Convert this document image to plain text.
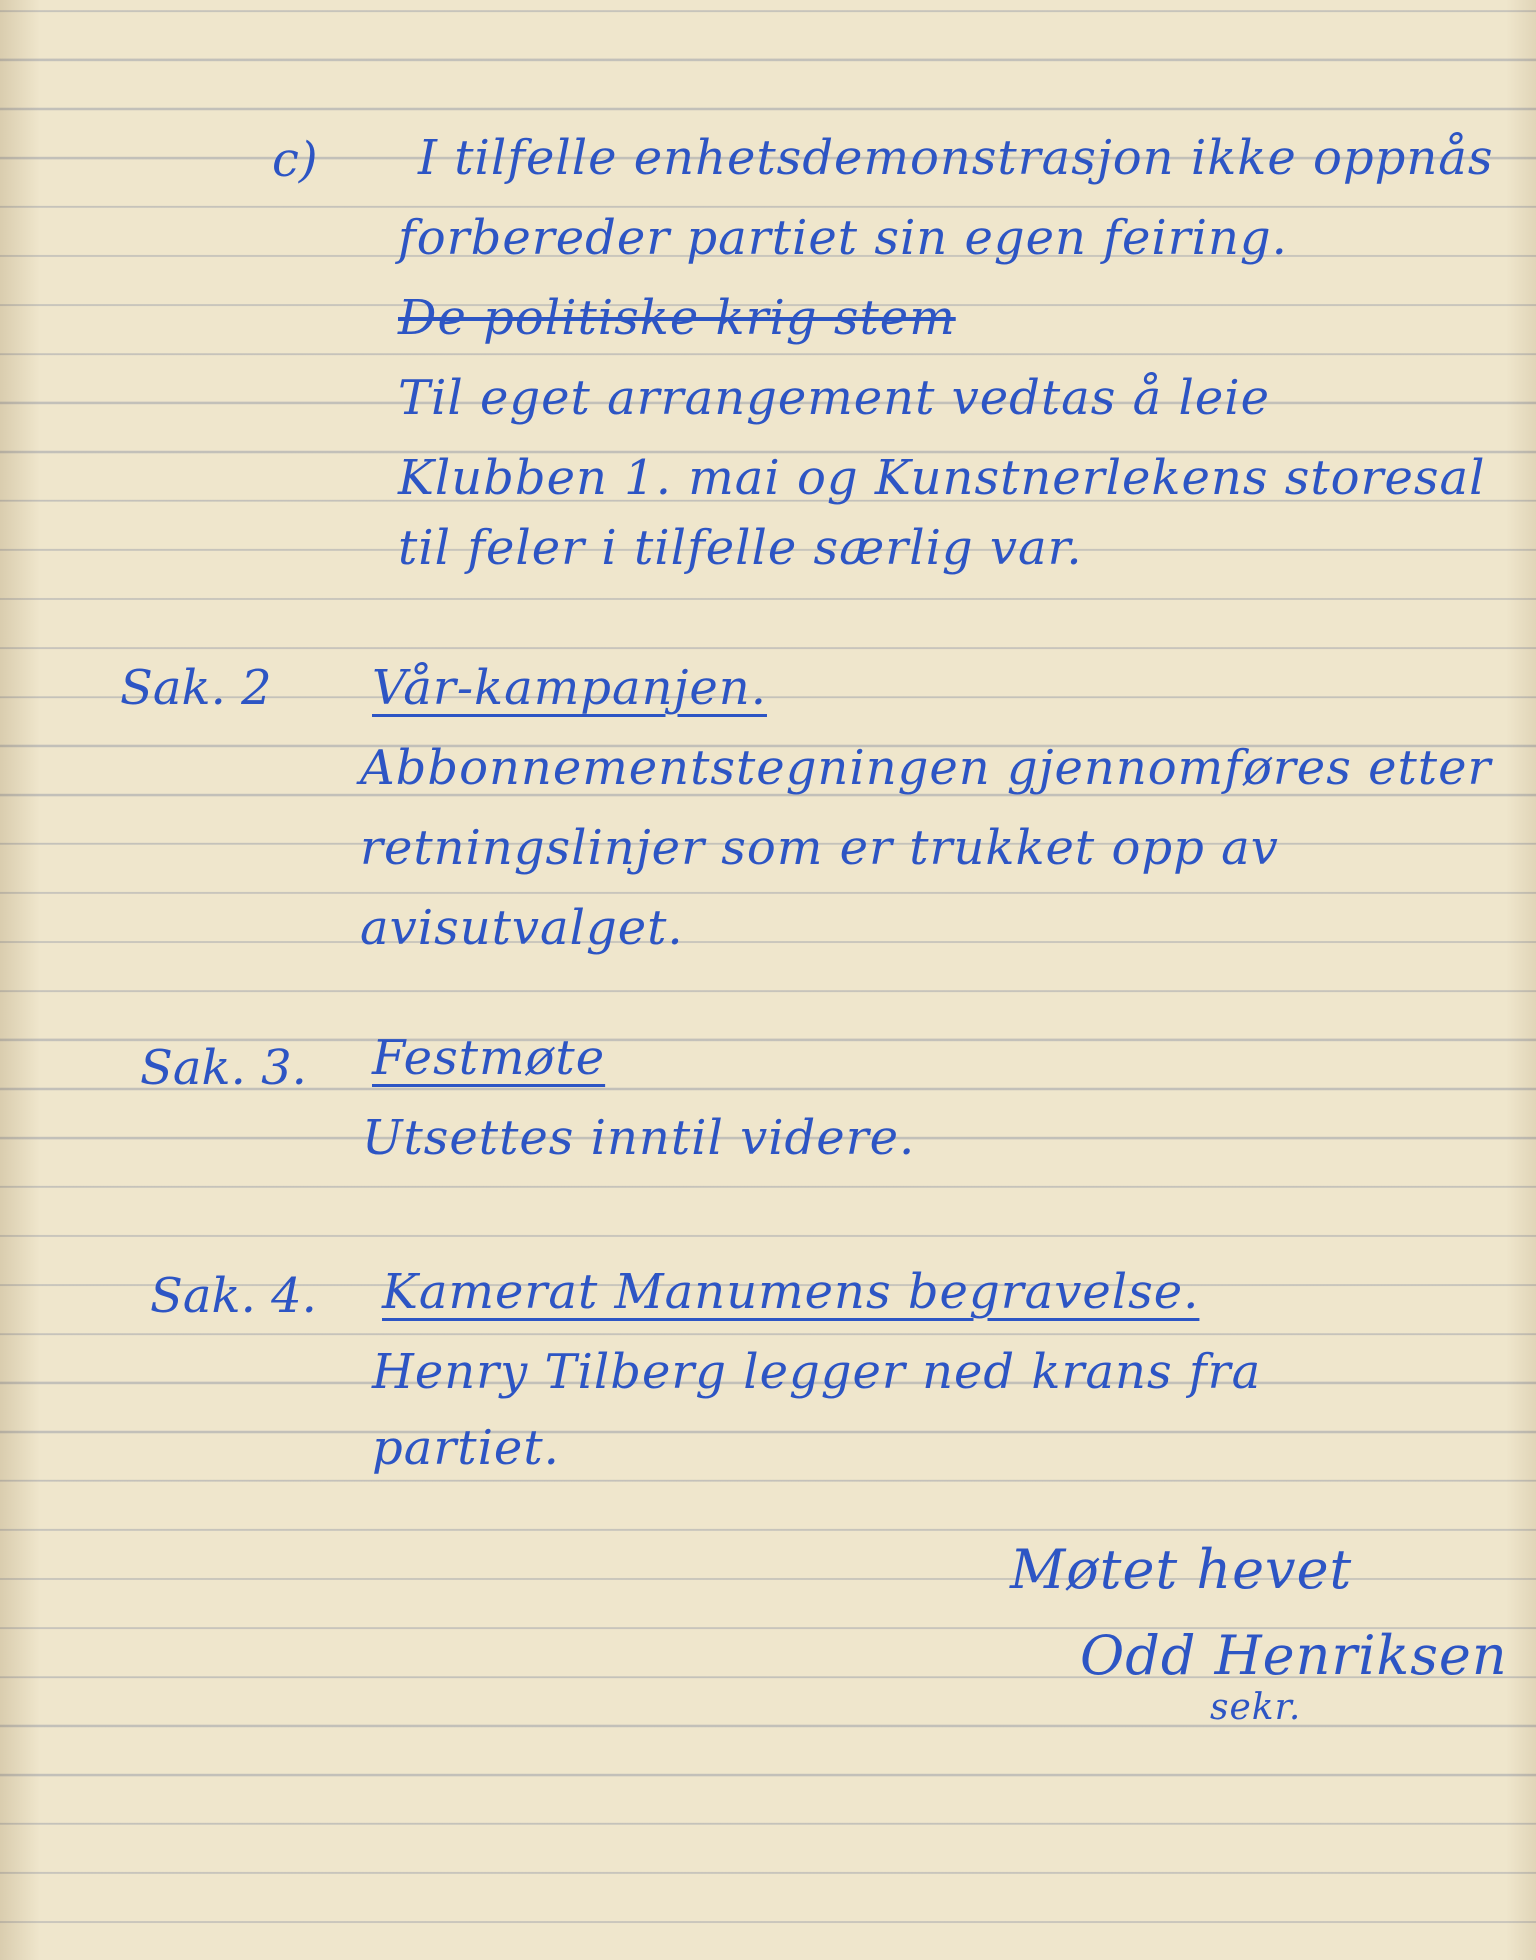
c) I tilfelle enhetsdemonstrasjon ikke oppnås
forbereder partiet sin egen feiring.
De politiske krig stem
Til eget arrangement vedtas å leie
Klubben 1. mai og Kunstnerlekens storesal
til feler i tilfelle særlig var.
Sak. 2 Vår-kampanjen.
Abbonnementstegningen gjennomføres etter
retningslinjer som er trukket opp av
avisutvalget.
Sak. 3. Festmøte
Utsettes inntil videre.
Sak. 4. Kamerat Manumens begravelse.
Henry Tilberg legger ned krans fra
partiet.
Møtet hevet
Odd Henriksen
sekr.
